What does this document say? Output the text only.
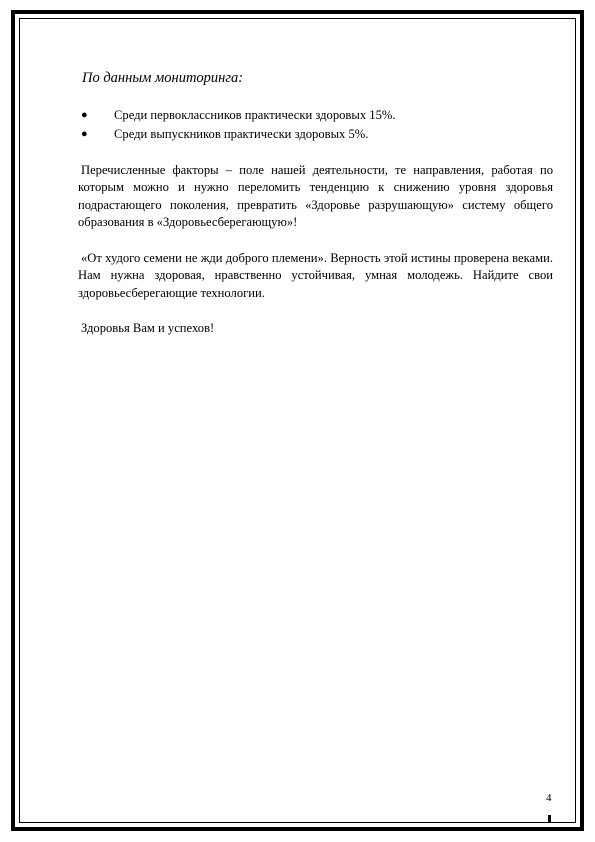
По данным мониторинга:
● Среди первоклассников практически здоровых 15%.
● Среди выпускников практически здоровых 5%.

Перечисленные факторы – поле нашей деятельности, те направления, работая по которым можно и нужно переломить тенденцию к снижению уровня здоровья подрастающего поколения, превратить «Здоровье разрушающую» систему общего образования в «Здоровьесберегающую»!

«От худого семени не жди доброго племени». Верность этой истины проверена веками. Нам нужна здоровая, нравственно устойчивая, умная молодежь. Найдите свои здоровьесберегающие технологии.

Здоровья Вам и успехов!

4
